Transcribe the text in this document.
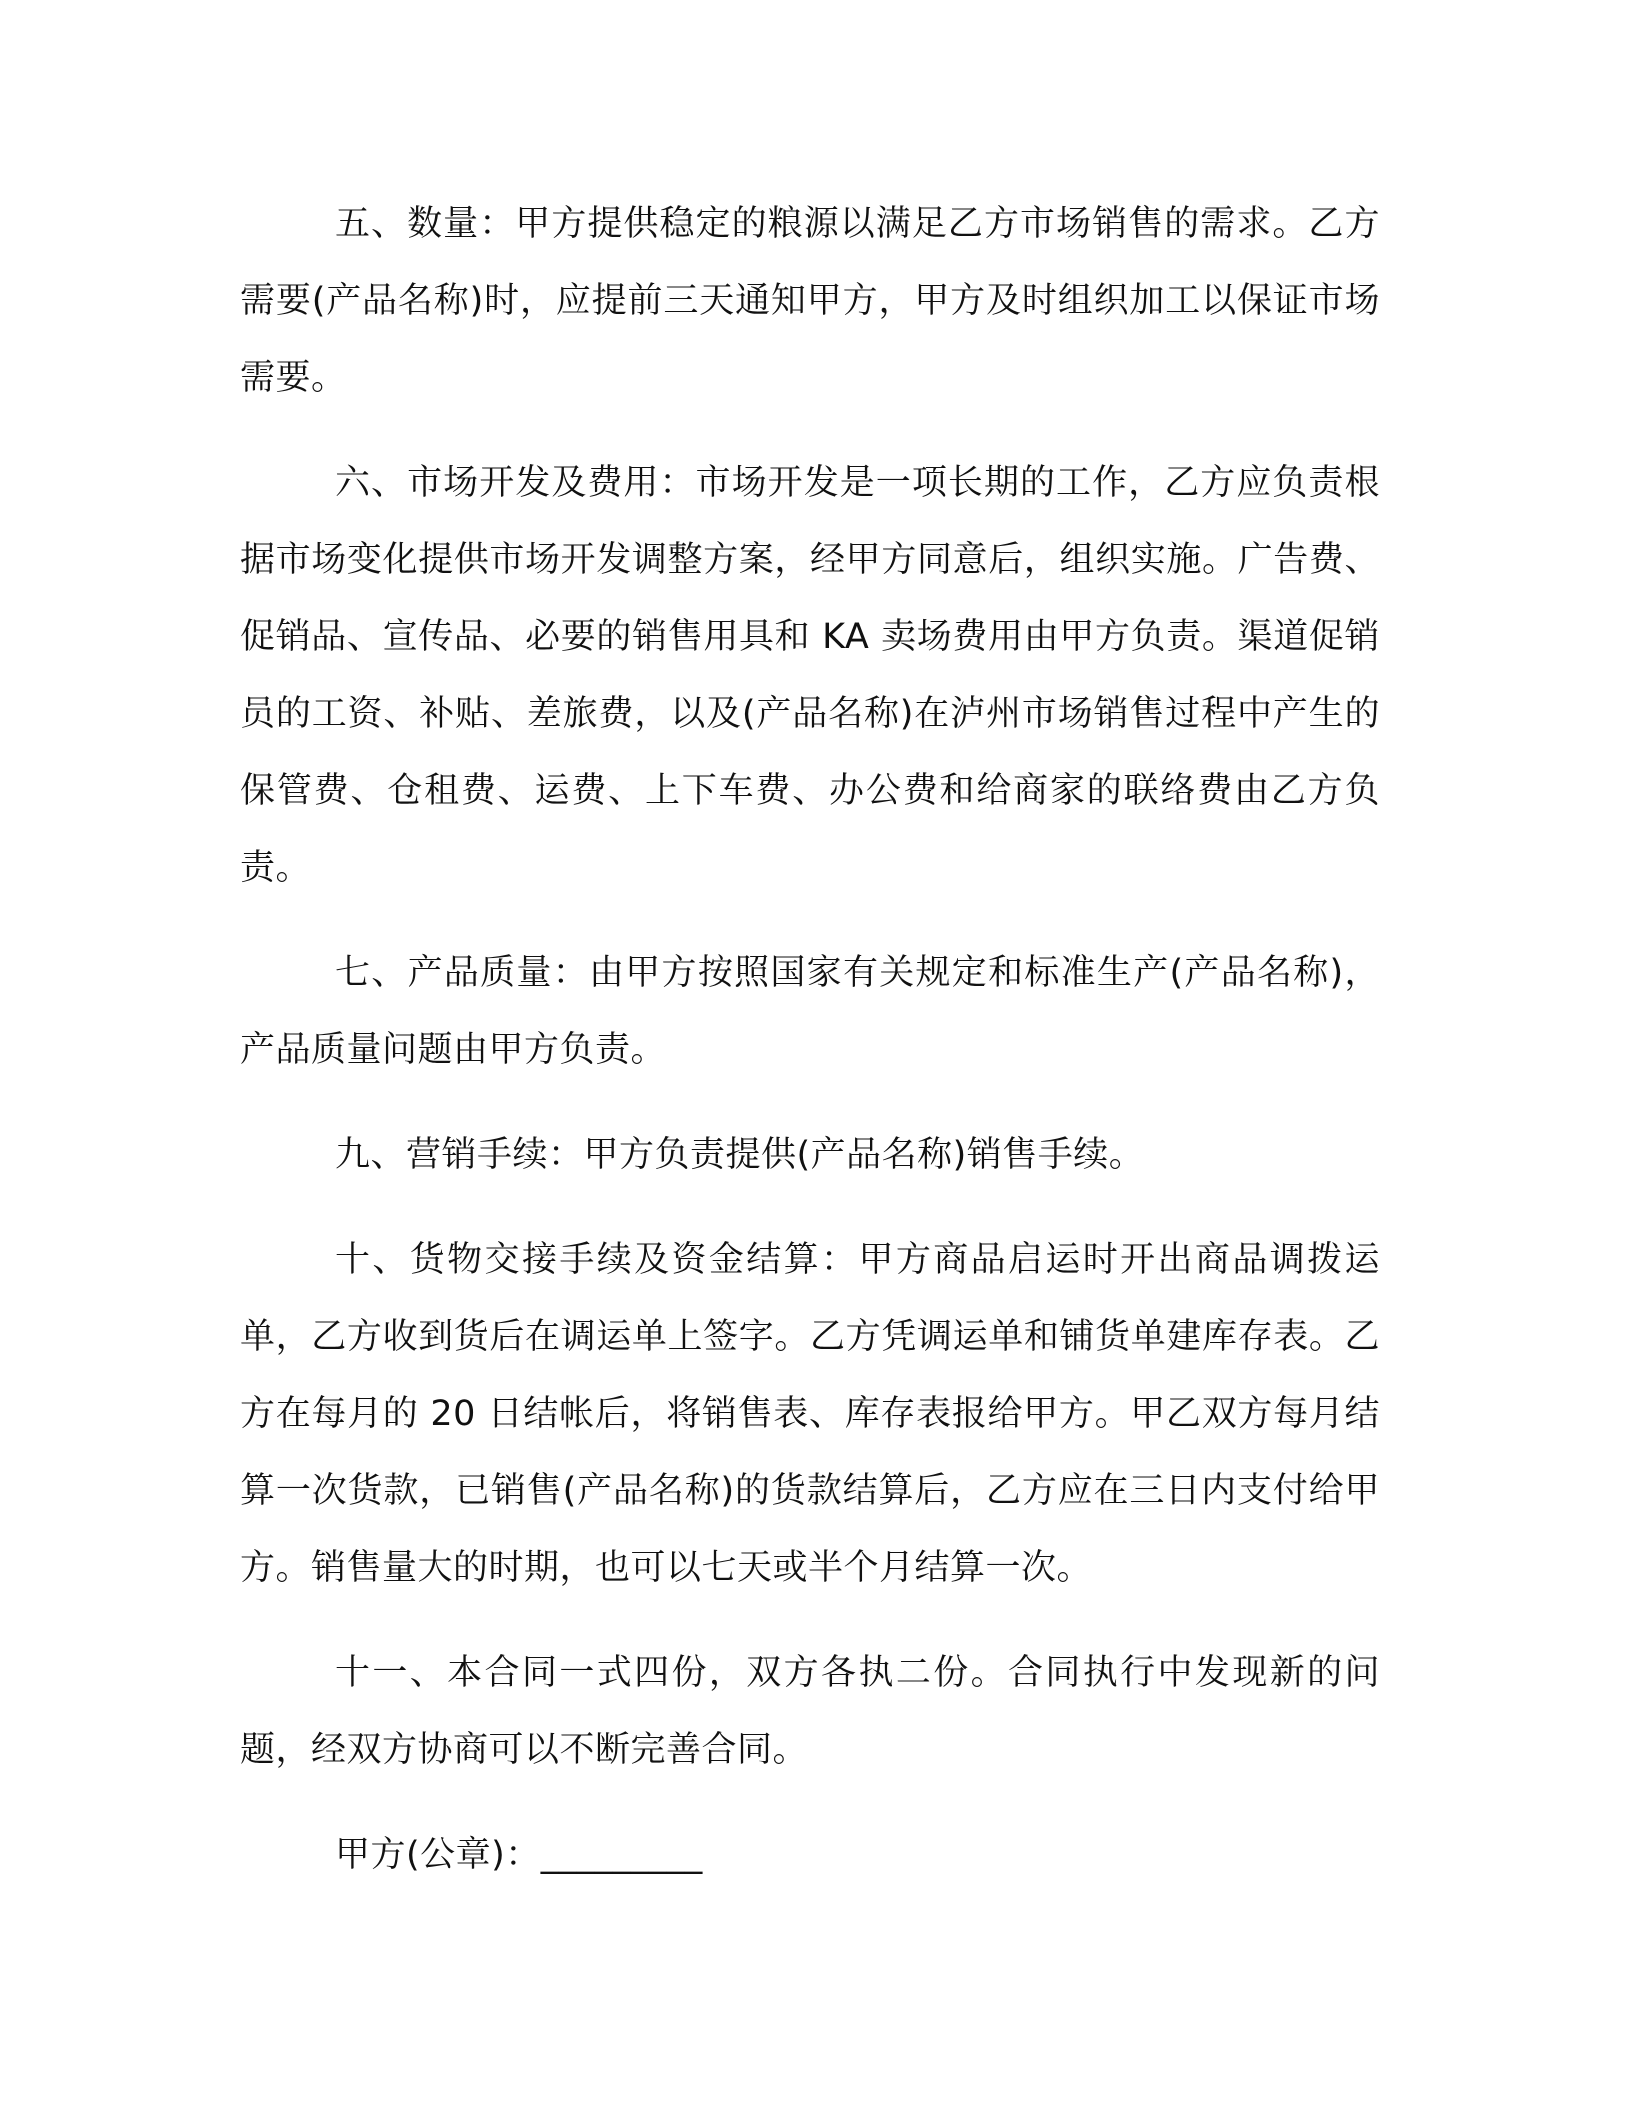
五、数量：甲方提供稳定的粮源以满足乙方市场销售的需求。乙方需要(产品名称)时，应提前三天通知甲方，甲方及时组织加工以保证市场需要。

六、市场开发及费用：市场开发是一项长期的工作，乙方应负责根据市场变化提供市场开发调整方案，经甲方同意后，组织实施。广告费、促销品、宣传品、必要的销售用具和 KA 卖场费用由甲方负责。渠道促销员的工资、补贴、差旅费，以及(产品名称)在泸州市场销售过程中产生的保管费、仓租费、运费、上下车费、办公费和给商家的联络费由乙方负责。

七、产品质量：由甲方按照国家有关规定和标准生产(产品名称)，产品质量问题由甲方负责。

九、营销手续：甲方负责提供(产品名称)销售手续。

十、货物交接手续及资金结算：甲方商品启运时开出商品调拨运单，乙方收到货后在调运单上签字。乙方凭调运单和铺货单建库存表。乙方在每月的 20 日结帐后，将销售表、库存表报给甲方。甲乙双方每月结算一次货款，已销售(产品名称)的货款结算后，乙方应在三日内支付给甲方。销售量大的时期，也可以七天或半个月结算一次。

十一、本合同一式四份，双方各执二份。合同执行中发现新的问题，经双方协商可以不断完善合同。

甲方(公章)：_________
